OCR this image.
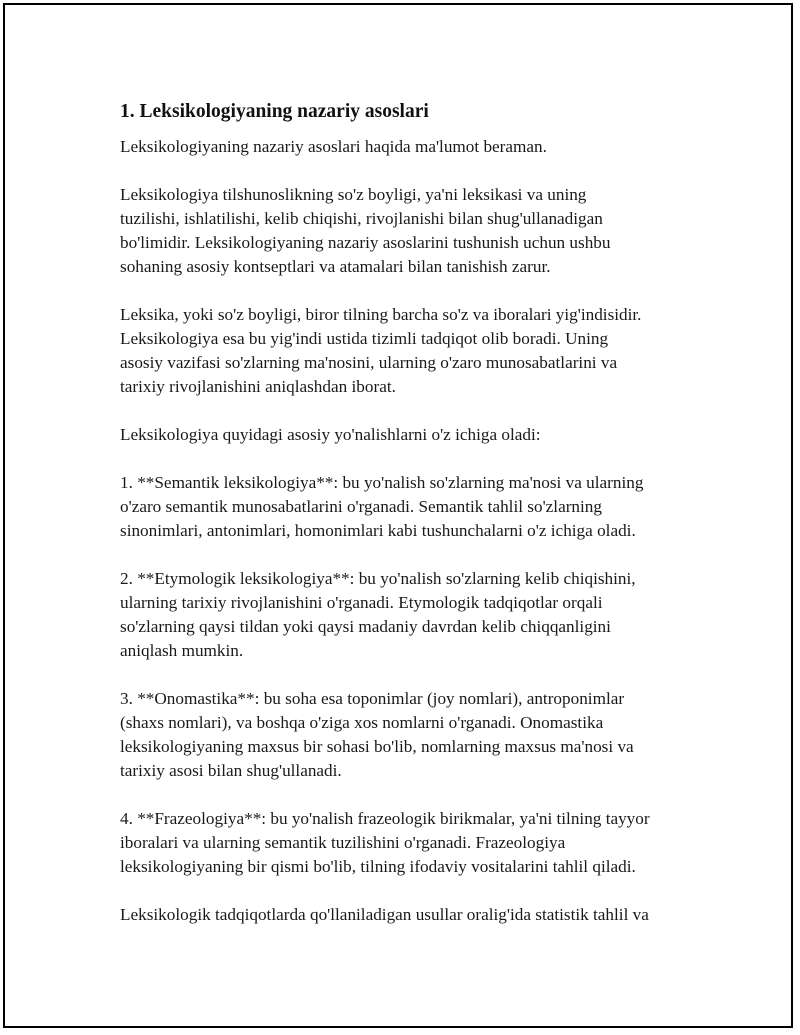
1. Leksikologiyaning nazariy asoslari

Leksikologiyaning nazariy asoslari haqida ma'lumot beraman.

Leksikologiya tilshunoslikning so'z boyligi, ya'ni leksikasi va uning
tuzilishi, ishlatilishi, kelib chiqishi, rivojlanishi bilan shug'ullanadigan
bo'limidir. Leksikologiyaning nazariy asoslarini tushunish uchun ushbu
sohaning asosiy kontseptlari va atamalari bilan tanishish zarur.

Leksika, yoki so'z boyligi, biror tilning barcha so'z va iboralari yig'indisidir.
Leksikologiya esa bu yig'indi ustida tizimli tadqiqot olib boradi. Uning
asosiy vazifasi so'zlarning ma'nosini, ularning o'zaro munosabatlarini va
tarixiy rivojlanishini aniqlashdan iborat.

Leksikologiya quyidagi asosiy yo'nalishlarni o'z ichiga oladi:

1. **Semantik leksikologiya**: bu yo'nalish so'zlarning ma'nosi va ularning
o'zaro semantik munosabatlarini o'rganadi. Semantik tahlil so'zlarning
sinonimlari, antonimlari, homonimlari kabi tushunchalarni o'z ichiga oladi.

2. **Etymologik leksikologiya**: bu yo'nalish so'zlarning kelib chiqishini,
ularning tarixiy rivojlanishini o'rganadi. Etymologik tadqiqotlar orqali
so'zlarning qaysi tildan yoki qaysi madaniy davrdan kelib chiqqanligini
aniqlash mumkin.

3. **Onomastika**: bu soha esa toponimlar (joy nomlari), antroponimlar
(shaxs nomlari), va boshqa o'ziga xos nomlarni o'rganadi. Onomastika
leksikologiyaning maxsus bir sohasi bo'lib, nomlarning maxsus ma'nosi va
tarixiy asosi bilan shug'ullanadi.

4. **Frazeologiya**: bu yo'nalish frazeologik birikmalar, ya'ni tilning tayyor
iboralari va ularning semantik tuzilishini o'rganadi. Frazeologiya
leksikologiyaning bir qismi bo'lib, tilning ifodaviy vositalarini tahlil qiladi.

Leksikologik tadqiqotlarda qo'llaniladigan usullar oralig'ida statistik tahlil va
